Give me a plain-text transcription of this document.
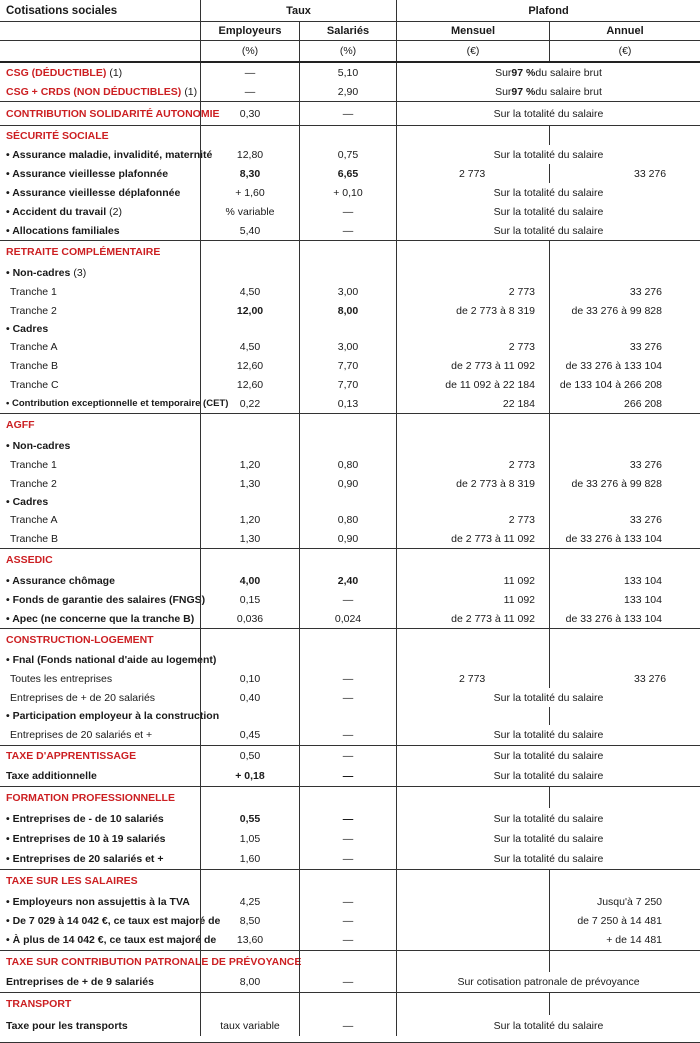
Cotisations sociales	Taux	Plafond
Employeurs	Salariés	Mensuel	Annuel
(%)	(%)	(€)	(€)
CSG (DÉDUCTIBLE) (1)	—	5,10	Sur 97 % du salaire brut
CSG + CRDS (NON DÉDUCTIBLES) (1)	—	2,90	Sur 97 % du salaire brut
CONTRIBUTION SOLIDARITÉ AUTONOMIE	0,30	—	Sur la totalité du salaire
SÉCURITÉ SOCIALE
• Assurance maladie, invalidité, maternité	12,80	0,75	Sur la totalité du salaire
• Assurance vieillesse plafonnée	8,30	6,65	2 773	33 276
• Assurance vieillesse déplafonnée	+ 1,60	+ 0,10	Sur la totalité du salaire
• Accident du travail (2)	% variable	—	Sur la totalité du salaire
• Allocations familiales	5,40	—	Sur la totalité du salaire
RETRAITE COMPLÉMENTAIRE
• Non-cadres (3)
Tranche 1	4,50	3,00	2 773	33 276
Tranche 2	12,00	8,00	de 2 773 à 8 319	de 33 276 à 99 828
• Cadres
Tranche A	4,50	3,00	2 773	33 276
Tranche B	12,60	7,70	de 2 773 à 11 092	de 33 276 à 133 104
Tranche C	12,60	7,70	de 11 092 à 22 184	de 133 104 à 266 208
• Contribution exceptionnelle et temporaire (CET)	0,22	0,13	22 184	266 208
AGFF
• Non-cadres
Tranche 1	1,20	0,80	2 773	33 276
Tranche 2	1,30	0,90	de 2 773 à 8 319	de 33 276 à 99 828
• Cadres
Tranche A	1,20	0,80	2 773	33 276
Tranche B	1,30	0,90	de 2 773 à 11 092	de 33 276 à 133 104
ASSEDIC
• Assurance chômage	4,00	2,40	11 092	133 104
• Fonds de garantie des salaires (FNGS)	0,15	—	11 092	133 104
• Apec (ne concerne que la tranche B)	0,036	0,024	de 2 773 à 11 092	de 33 276 à 133 104
CONSTRUCTION-LOGEMENT
• Fnal (Fonds national d'aide au logement)
Toutes les entreprises	0,10	—	2 773	33 276
Entreprises de + de 20 salariés	0,40	—	Sur la totalité du salaire
• Participation employeur à la construction
Entreprises de 20 salariés et +	0,45	—	Sur la totalité du salaire
TAXE D'APPRENTISSAGE	0,50	—	Sur la totalité du salaire
Taxe additionnelle	+ 0,18	—	Sur la totalité du salaire
FORMATION PROFESSIONNELLE
• Entreprises de - de 10 salariés	0,55	—	Sur la totalité du salaire
• Entreprises de 10 à 19 salariés	1,05	—	Sur la totalité du salaire
• Entreprises de 20 salariés et +	1,60	—	Sur la totalité du salaire
TAXE SUR LES SALAIRES
• Employeurs non assujettis à la TVA	4,25	—	Jusqu'à 7 250
• De 7 029 à 14 042 €, ce taux est majoré de	8,50	—	de 7 250 à 14 481
• À plus de 14 042 €, ce taux est majoré de	13,60	—	+ de 14 481
TAXE SUR CONTRIBUTION PATRONALE DE PRÉVOYANCE
Entreprises de + de 9 salariés	8,00	—	Sur cotisation patronale de prévoyance
TRANSPORT
Taxe pour les transports	taux variable	—	Sur la totalité du salaire
